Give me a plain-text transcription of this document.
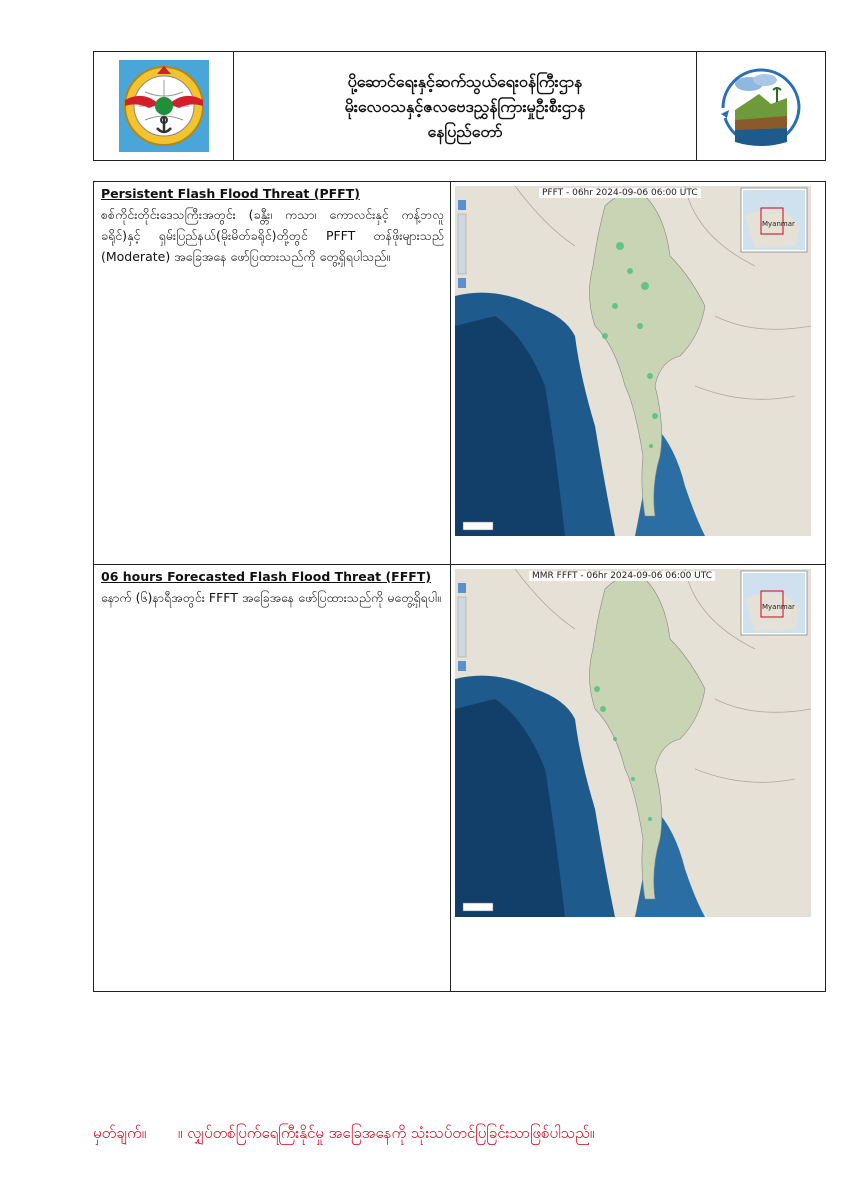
ပို့ဆောင်ရေးနှင့်ဆက်သွယ်ရေးဝန်ကြီးဌာန
မိုးလေဝသနှင့်ဇလဗေဒညွှန်ကြားမှုဦးစီးဌာန
နေပြည်တော်
Persistent Flash Flood Threat (PFFT)
စစ်ကိုင်းတိုင်းဒေသကြီးအတွင်း (ခန္တီး၊ ကသာ၊ ကောလင်းနှင့် ကန့်ဘလူခရိုင်)နှင့် ရှမ်းပြည်နယ်(မိုးမိတ်ခရိုင်)တို့တွင် PFFT တန်ဖိုးများသည် (Moderate) အခြေအနေ ဖော်ပြထားသည်ကို တွေ့ရှိရပါသည်။
PFFT - 06hr 2024-09-06 06:00 UTC
Myanmar
06 hours Forecasted Flash Flood Threat (FFFT)
နောက် (၆)နာရီအတွင်း FFFT အခြေအနေ ဖော်ပြထားသည်ကို မတွေ့ရှိရပါ။
MMR FFFT - 06hr 2024-09-06 06:00 UTC
Myanmar
မှတ်ချက်။ ။ လျှပ်တစ်ပြက်ရေကြီးနိုင်မှု အခြေအနေကို သုံးသပ်တင်ပြခြင်းသာဖြစ်ပါသည်။
